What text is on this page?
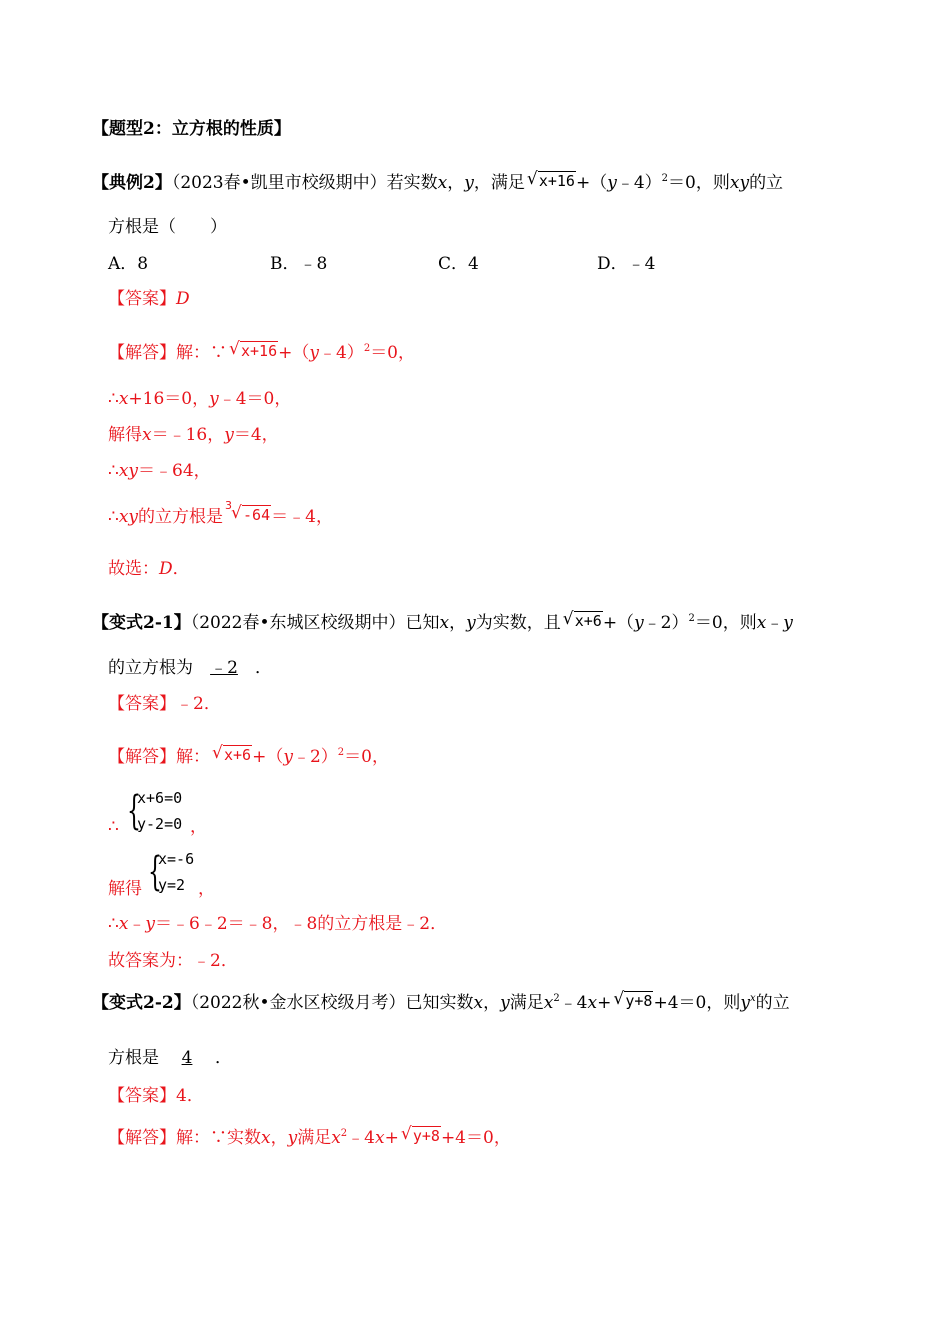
【题型2：立方根的性质】
【典例2】（2023春•凯里市校级期中）若实数x，y，满足 √ x+16+（y﹣4）$^2$＝0，则xy的立
方根是（　　）
A．8	B．﹣8	C．4	D．﹣4
【答案】D
【解答】解：∵ √ x+16+（y﹣4）$^2$＝0，
∴x+16＝0，y﹣4＝0，
解得x＝﹣16，y＝4，
∴xy＝﹣64，
∴xy的立方根是
3 √ -64＝﹣4，
故选：D．
【变式2-1】（2022春•东城区校级期中）已知x，y为实数，且 √ x+6+（y﹣2）$^2$＝0，则x﹣y
的立方根为 ﹣2 ．
【答案】﹣2．
【解答】解： √ x+6+（y﹣2）$^2$＝0，
∴ {
x+6=0
y-2=0 ，
解得 {
x=-6
y=2 ，
∴x﹣y＝﹣6﹣2＝﹣8，﹣8的立方根是﹣2．
故答案为：﹣2．
【变式2-2】（2022秋•金水区校级月考）已知实数x，y满足$x^2﹣4x+$ √ y+8+4＝0，则$y^x$的立
方根是 4 ．
【答案】4．
【解答】解：∵实数x，y满足$x^2﹣4x+$ √ y+8+4＝0，
